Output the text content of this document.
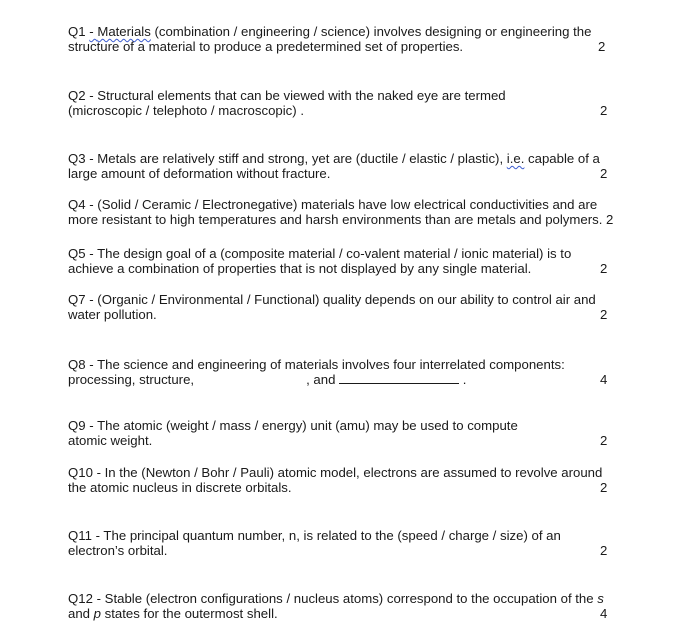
Q1 - Materials (combination / engineering / science) involves designing or engineering the
structure of a material to produce a predetermined set of properties.	2
Q2 - Structural elements that can be viewed with the naked eye are termed
(microscopic / telephoto / macroscopic) .	2
Q3 - Metals are relatively stiff and strong, yet are (ductile / elastic / plastic), i.e. capable of a
large amount of deformation without fracture.	2
Q4 - (Solid / Ceramic / Electronegative) materials have low electrical conductivities and are
more resistant to high temperatures and harsh environments than are metals and polymers. 2
Q5 - The design goal of a (composite material / co-valent material / ionic material) is to
achieve a combination of properties that is not displayed by any single material.	2
Q7 - (Organic / Environmental / Functional) quality depends on our ability to control air and
water pollution.	2
Q8 - The science and engineering of materials involves four interrelated components:
processing, structure,	, and	.	4
Q9 - The atomic (weight / mass / energy) unit (amu) may be used to compute
atomic weight.	2
Q10 - In the (Newton / Bohr / Pauli) atomic model, electrons are assumed to revolve around
the atomic nucleus in discrete orbitals.	2
Q11 - The principal quantum number, n, is related to the (speed / charge / size) of an
electron’s orbital.	2
Q12 - Stable (electron configurations / nucleus atoms) correspond to the occupation of the s
and p states for the outermost shell.	4
